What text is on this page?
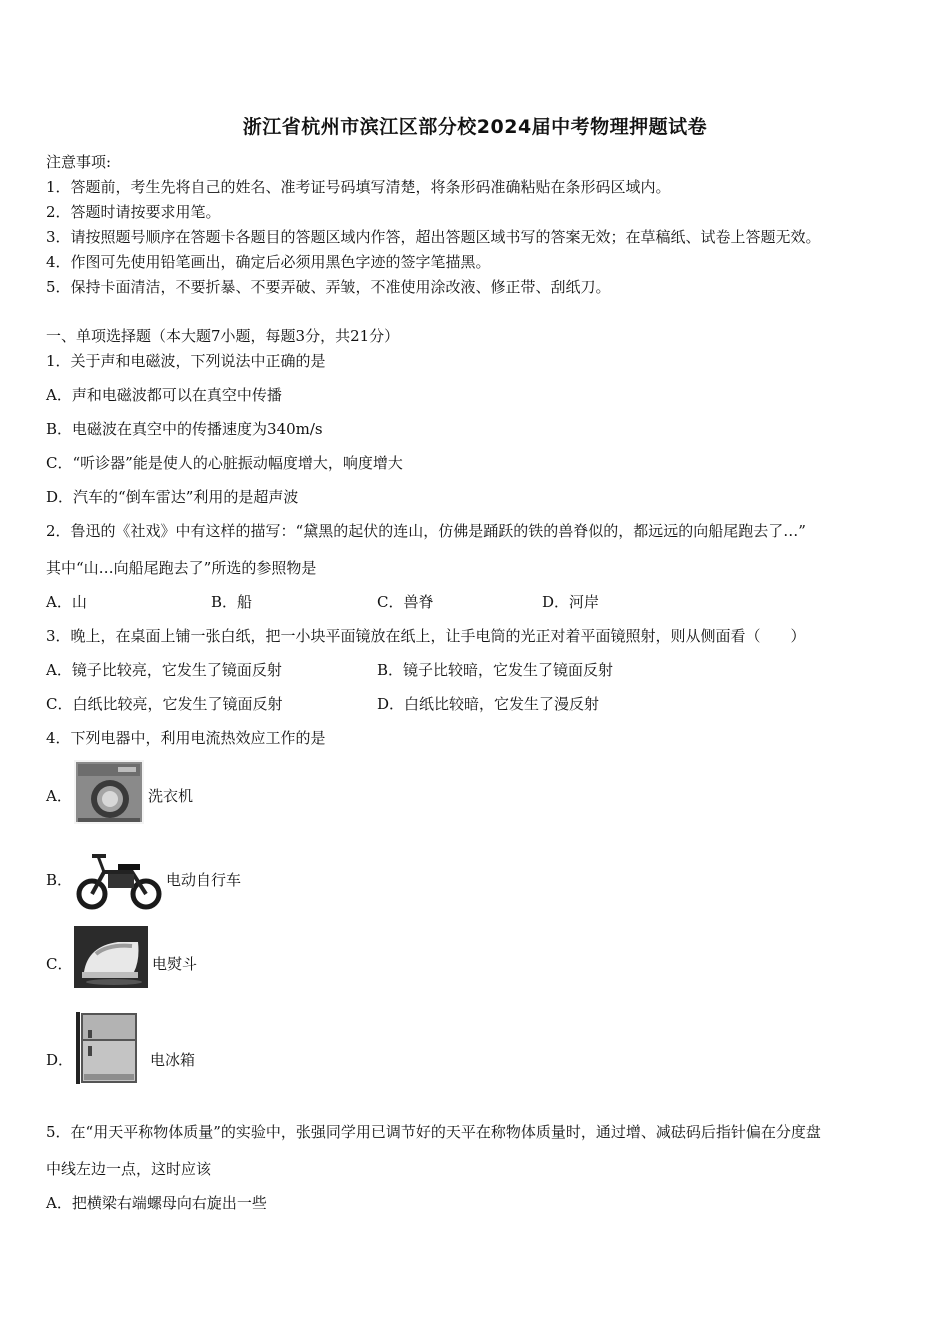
浙江省杭州市滨江区部分校2024届中考物理押题试卷
注意事项:
1．答题前，考生先将自己的姓名、准考证号码填写清楚，将条形码准确粘贴在条形码区域内。
2．答题时请按要求用笔。
3．请按照题号顺序在答题卡各题目的答题区域内作答，超出答题区域书写的答案无效；在草稿纸、试卷上答题无效。
4．作图可先使用铅笔画出，确定后必须用黑色字迹的签字笔描黑。
5．保持卡面清洁，不要折暴、不要弄破、弄皱，不准使用涂改液、修正带、刮纸刀。
一、单项选择题（本大题7小题，每题3分，共21分）
1．关于声和电磁波，下列说法中正确的是
A．声和电磁波都可以在真空中传播
B．电磁波在真空中的传播速度为340m/s
C．“听诊器”能是使人的心脏振动幅度增大，响度增大
D．汽车的“倒车雷达”利用的是超声波
2．鲁迅的《社戏》中有这样的描写：“黛黑的起伏的连山，仿佛是踊跃的铁的兽脊似的，都远远的向船尾跑去了…”
其中“山…向船尾跑去了”所选的参照物是
A．山	B．船	C．兽脊	D．河岸
3．晚上，在桌面上铺一张白纸，把一小块平面镜放在纸上，让手电筒的光正对着平面镜照射，则从侧面看（　　）
A．镜子比较亮，它发生了镜面反射	B．镜子比较暗，它发生了镜面反射
C．白纸比较亮，它发生了镜面反射	D．白纸比较暗，它发生了漫反射
4．下列电器中，利用电流热效应工作的是
A．	洗衣机
B．	电动自行车
C．	电熨斗
D．	电冰箱
5．在“用天平称物体质量”的实验中，张强同学用已调节好的天平在称物体质量时，通过增、减砝码后指针偏在分度盘
中线左边一点，这时应该
A．把横梁右端螺母向右旋出一些
